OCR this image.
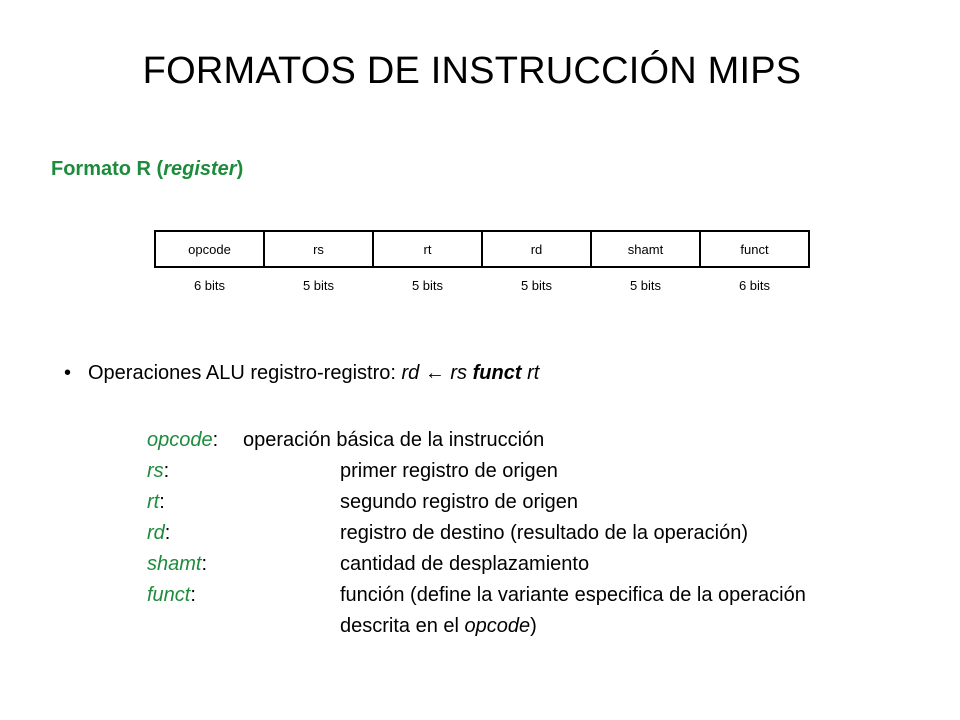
FORMATOS DE INSTRUCCIÓN MIPS
Formato R (register)
opcode	rs	rt	rd	shamt	funct
6 bits	5 bits	5 bits	5 bits	5 bits	6 bits
• Operaciones ALU registro-registro: rd ← rs funct rt
opcode: operación básica de la instrucción
rs:	primer registro de origen
rt:	segundo registro de origen
rd:	registro de destino (resultado de la operación)
shamt:	cantidad de desplazamiento
funct:	función (define la variante especifica de la operación
descrita en el opcode)
